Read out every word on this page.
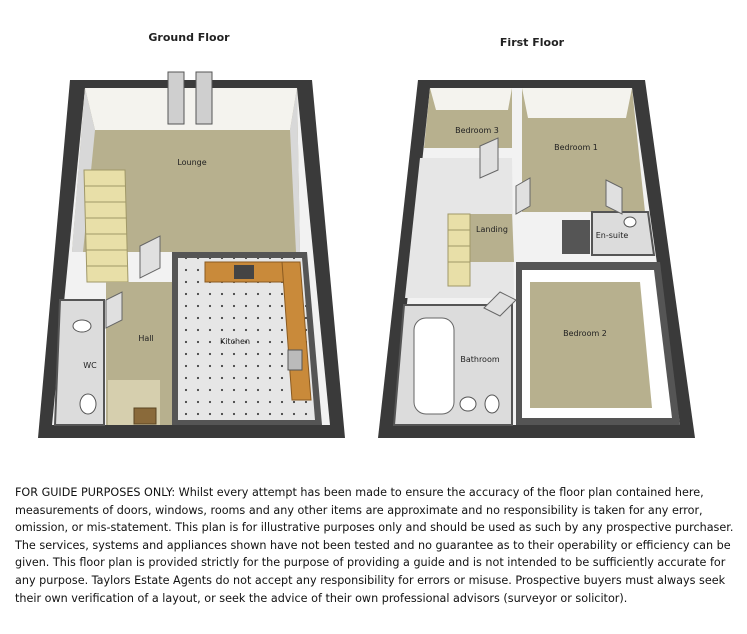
Ground Floor
Lounge
Hall
WC
Kitchen
First Floor
Bedroom 3
Bedroom 1
Landing
En-suite
Bedroom 2
Bathroom

FOR GUIDE PURPOSES ONLY: Whilst every attempt has been made to ensure the accuracy of the floor plan contained here, measurements of doors, windows, rooms and any other items are approximate and no responsibility is taken for any error, omission, or mis-statement. This plan is for illustrative purposes only and should be used as such by any prospective purchaser. The services, systems and appliances shown have not been tested and no guarantee as to their operability or efficiency can be given. This floor plan is provided strictly for the purpose of providing a guide and is not intended to be sufficiently accurate for any purpose. Taylors Estate Agents do not accept any responsibility for errors or misuse. Prospective buyers must always seek their own verification of a layout, or seek the advice of their own professional advisors (surveyor or solicitor).
